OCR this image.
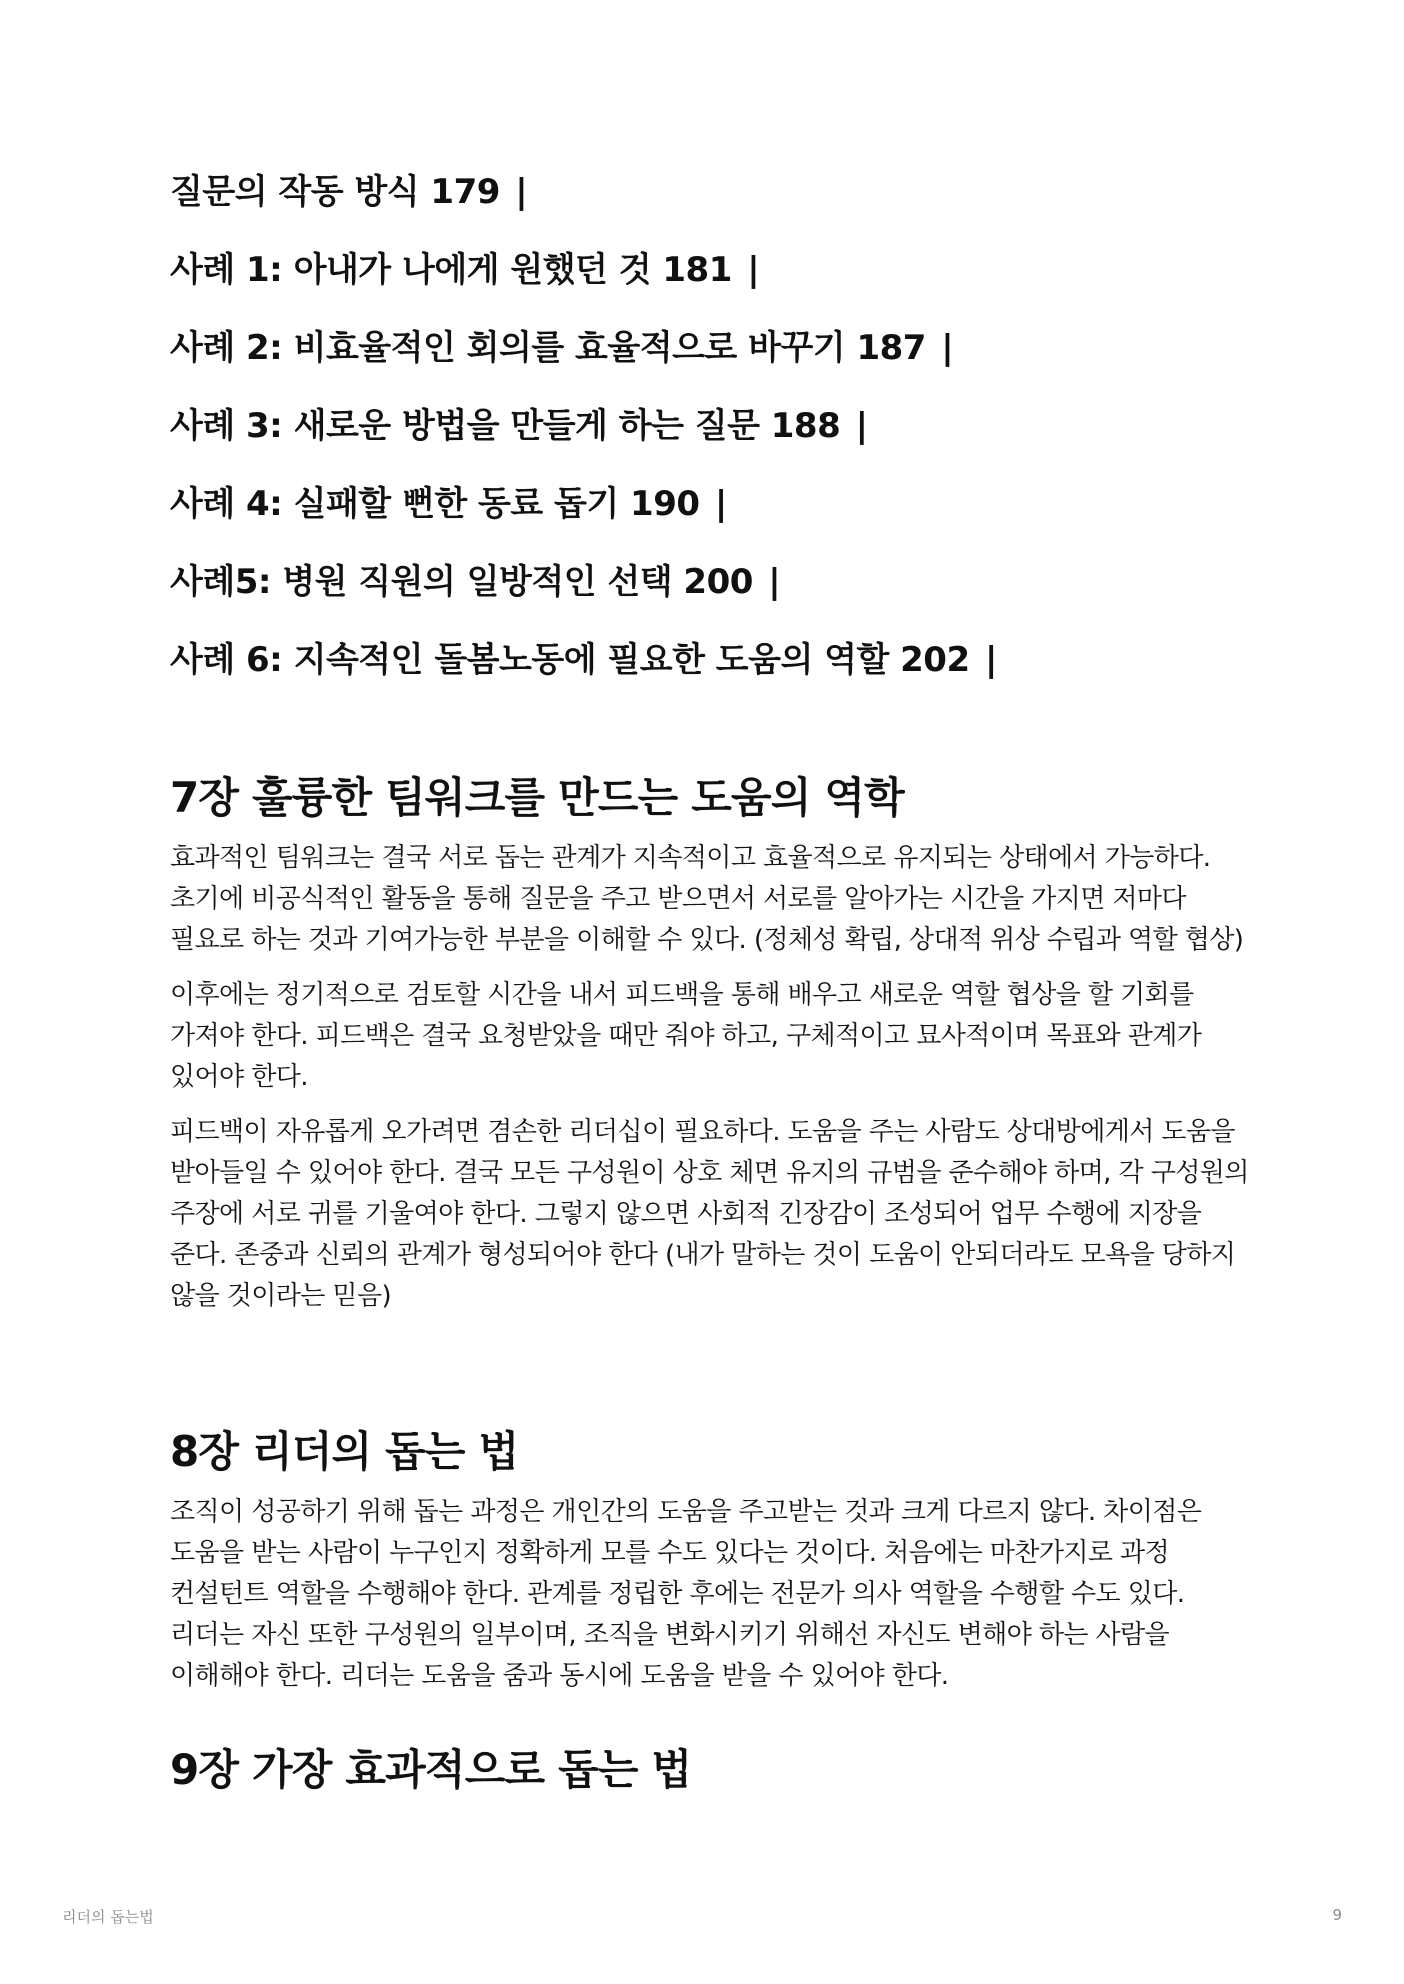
질문의 작동 방식 179 |
사례 1: 아내가 나에게 원했던 것 181 |
사례 2: 비효율적인 회의를 효율적으로 바꾸기 187 |
사례 3: 새로운 방법을 만들게 하는 질문 188 |
사례 4: 실패할 뻔한 동료 돕기 190 |
사례5: 병원 직원의 일방적인 선택 200 |
사례 6: 지속적인 돌봄노동에 필요한 도움의 역할 202 |
7장 훌륭한 팀워크를 만드는 도움의 역학

효과적인 팀워크는 결국 서로 돕는 관계가 지속적이고 효율적으로 유지되는 상태에서 가능하다. 초기에 비공식적인 활동을 통해 질문을 주고 받으면서 서로를 알아가는 시간을 가지면 저마다 필요로 하는 것과 기여가능한 부분을 이해할 수 있다. (정체성 확립, 상대적 위상 수립과 역할 협상)

이후에는 정기적으로 검토할 시간을 내서 피드백을 통해 배우고 새로운 역할 협상을 할 기회를 가져야 한다. 피드백은 결국 요청받았을 때만 줘야 하고, 구체적이고 묘사적이며 목표와 관계가 있어야 한다.

피드백이 자유롭게 오가려면 겸손한 리더십이 필요하다. 도움을 주는 사람도 상대방에게서 도움을 받아들일 수 있어야 한다. 결국 모든 구성원이 상호 체면 유지의 규범을 준수해야 하며, 각 구성원의 주장에 서로 귀를 기울여야 한다. 그렇지 않으면 사회적 긴장감이 조성되어 업무 수행에 지장을 준다. 존중과 신뢰의 관계가 형성되어야 한다 (내가 말하는 것이 도움이 안되더라도 모욕을 당하지 않을 것이라는 믿음)

8장 리더의 돕는 법

조직이 성공하기 위해 돕는 과정은 개인간의 도움을 주고받는 것과 크게 다르지 않다. 차이점은 도움을 받는 사람이 누구인지 정확하게 모를 수도 있다는 것이다. 처음에는 마찬가지로 과정 컨설턴트 역할을 수행해야 한다. 관계를 정립한 후에는 전문가 의사 역할을 수행할 수도 있다. 리더는 자신 또한 구성원의 일부이며, 조직을 변화시키기 위해선 자신도 변해야 하는 사람을 이해해야 한다. 리더는 도움을 줌과 동시에 도움을 받을 수 있어야 한다.

9장 가장 효과적으로 돕는 법
리더의 돕는법	9
